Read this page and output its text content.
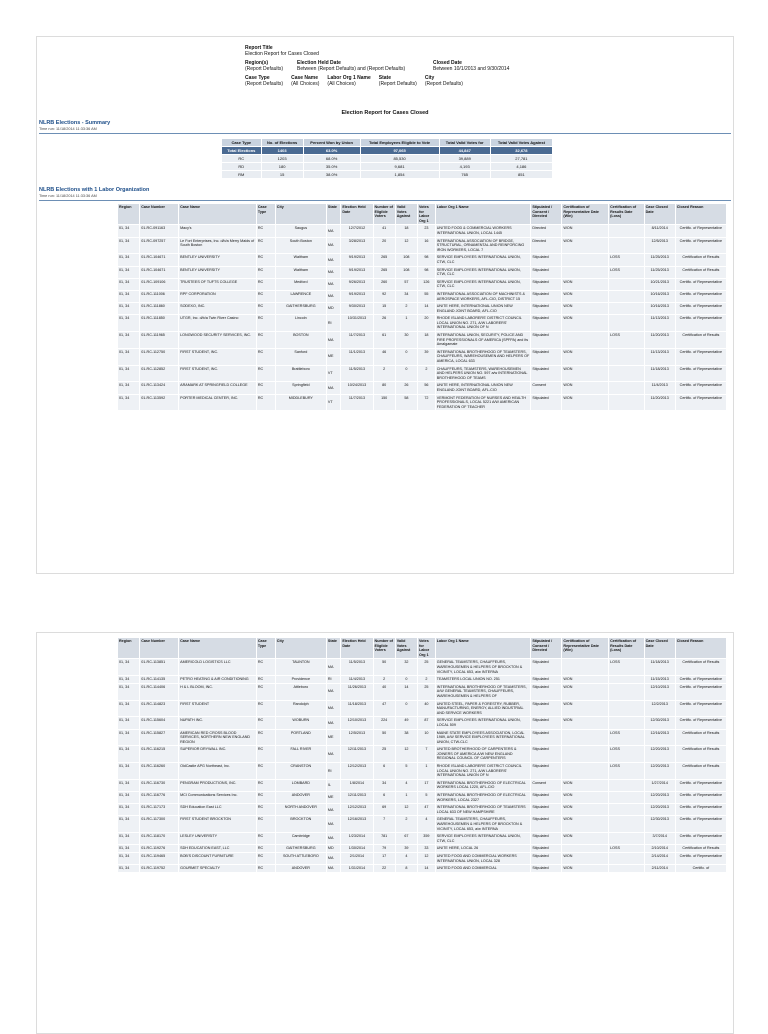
Report Title
Election Report for Cases Closed
Region(s)
(Report Defaults)
Election Held Date
Between (Report Defaults) and (Report Defaults)
Closed Date
Between 10/1/2013 and 9/30/2014
Case Type
(Report Defaults)
Case Name
(All Choices)
Labor Org 1 Name
(All Choices)
State
(Report Defaults)
City
(Report Defaults)
Election Report for Cases Closed
NLRB Elections - Summary
Time run: 11/18/2014 11:33:36 AM
Case Type	No. of Elections	Percent Won by Union	Total Employees Eligible to Vote	Total Valid Votes for	Total Valid Votes Against
Total Elections	1403	63.0%	97,065	44,847	32,678
RC	1203	68.0%	85,530	39,889	27,781
RD	180	35.0%	9,681	4,193	4,186
RM	15	38.0%	1,854	765	851
NLRB Elections with 1 Labor Organization
Time run: 11/18/2014 11:33:36 AM
Region	Case Number	Case Name	Case Type	City	State	Election Held Date	Number of Eligible Voters	Valid Votes Against	Votes for Labor Org 1	Labor Org 1 Name	Stipulated / Consent / Directed	Certification of Representative Date (Win)	Certification of Results Date (Loss)	Case Closed Date	Closed Reason
01, 34	01-RC-091163	Macy's	RC	Saugus	MA	12/7/2012	41	18	23	UNITED FOOD & COMMERCIAL WORKERS INTERNATIONAL UNION, LOCAL 1445	Directed	WON		8/11/2014	Certific. of Representative
01, 34	01-RC-097257	Le Fort Enterprises, Inc. d/b/a Merry Maids of South Boston	RC	South Boston	MA	3/28/2013	20	12	16	INTERNATIONAL ASSOCIATION OF BRIDGE, STRUCTURAL, ORNAMENTAL AND REINFORCING IRON WORKERS, LOCAL 7	Directed	WON		12/5/2013	Certific. of Representative
01, 34	01-RC-104671	BENTLEY UNIVERSITY	RC	Waltham	MA	9/19/2013	265	108	98	SERVICE EMPLOYEES INTERNATIONAL UNION, CTW, CLC	Stipulated		LOSS	11/25/2013	Certification of Results
01, 34	01-RC-104671	BENTLEY UNIVERSITY	RC	Waltham	MA	9/19/2013	265	108	98	SERVICE EMPLOYEES INTERNATIONAL UNION, CTW, CLC	Stipulated		LOSS	11/25/2013	Certification of Results
01, 34	01-RC-109106	TRUSTEES OF TUFTS COLLEGE	RC	Medford	MA	9/26/2013	260	57	126	SERVICE EMPLOYEES INTERNATIONAL UNION, CTW, CLC	Stipulated	WON		10/21/2013	Certific. of Representative
01, 34	01-RC-111006	RPF CORPORATION	RC	LAWRENCE	MA	9/19/2013	92	34	55	INTERNATIONAL ASSOCIATION OF MACHINISTS & AEROSPACE WORKERS, AFL-CIO, DISTRICT 15	Stipulated	WON		10/16/2013	Certific. of Representative
01, 34	01-RC-111860	SODEXO, INC.	RC	GAITHERSBURG	MD	9/30/2013	15	2	14	UNITE HERE, INTERNATIONAL UNION NEW ENGLAND JOINT BOARD, AFL-CIO	Stipulated	WON		10/16/2013	Certific. of Representative
01, 34	01-RC-111850	UTGR, Inc. d/b/a Twin River Casino	RC	Lincoln	RI	10/31/2013	26	1	20	RHODE ISLAND LABORERS' DISTRICT COUNCIL LOCAL UNION NO. 271, A/W LABORERS' INTERNATIONAL UNION OF N	Stipulated	WON		11/13/2013	Certific. of Representative
01, 34	01-RC-111965	LONGWOOD SECURITY SERVICES, INC.	RC	BOSTON	MA	11/7/2013	61	30	18	INTERNATIONAL UNION, SECURITY, POLICE AND FIRE PROFESSIONALS OF AMERICA (SPFPA) and its Amalgamate	Stipulated		LOSS	11/20/2013	Certification of Results
01, 34	01-RC-112750	FIRST STUDENT, INC.	RC	Sanford	ME	11/1/2013	46	0	39	INTERNATIONAL BROTHERHOOD OF TEAMSTERS, CHAUFFEURS, WAREHOUSEMEN AND HELPERS OF AMERICA, LOCAL 633	Stipulated	WON		11/13/2013	Certific. of Representative
01, 34	01-RC-112852	FIRST STUDENT, INC.	RC	Brattleboro	VT	11/5/2013	2	0	2	CHAUFFEURS, TEAMSTERS, WAREHOUSEMEN AND HELPERS UNION NO. 597 a/w INTERNATIONAL BROTHERHOOD OF TEAMS	Stipulated	WON		11/18/2013	Certific. of Representative
01, 34	01-RC-113424	ARAMARK AT SPRINGFIELD COLLEGE	RC	Springfield	MA	10/24/2013	80	26	56	UNITE HERE, INTERNATIONAL UNION NEW ENGLAND JOINT BOARD, AFL-CIO	Consent	WON		11/4/2013	Certific. of Representative
01, 34	01-RC-113592	PORTER MEDICAL CENTER, INC.	RC	MIDDLEBURY	VT	11/7/2013	150	58	72	VERMONT FEDERATION OF NURSES AND HEALTH PROFESSIONALS, LOCAL 5221 A/W AMERICAN FEDERATION OF TEACHER	Stipulated	WON		11/20/2013	Certific. of Representative
Region	Case Number	Case Name	Case Type	City	State	Election Held Date	Number of Eligible Voters	Valid Votes Against	Votes for Labor Org 1	Labor Org 1 Name	Stipulated / Consent / Directed	Certification of Representative Date (Win)	Certification of Results Date (Loss)	Case Closed Date	Closed Reason
01, 34	01-RC-113851	AMERICOLD LOGISTICS LLC	RC	TAUNTON	MA	11/5/2013	50	32	25	GENERAL TEAMSTERS, CHAUFFEURS, WAREHOUSEMEN & HELPERS OF BROCKTON & VICINITY, LOCAL 653, a/w INTERNA	Stipulated		LOSS	11/18/2013	Certification of Results
01, 34	01-RC-114135	PETRO HEATING & AIR CONDITIONING	RC	Providence	RI	11/4/2013	2	0	2	TEAMSTERS LOCAL UNION NO. 251	Stipulated	WON		11/15/2013	Certific. of Representative
01, 34	01-RC-114406	H & L BLOOM, INC.	RC	Attleboro	MA	11/26/2013	40	14	25	INTERNATIONAL BROTHERHOOD OF TEAMSTERS, A/W GENERAL TEAMSTERS, CHAUFFEURS, WAREHOUSEMEN & HELPERS OF	Stipulated	WON		12/10/2013	Certific. of Representative
01, 34	01-RC-114823	FIRST STUDENT	RC	Randolph	MA	11/18/2013	47	0	40	UNITED STEEL, PAPER & FORESTRY, RUBBER, MANUFACTURING, ENERGY, ALLIED INDUSTRIAL AND SERVICE WORKERS	Stipulated	WON		12/2/2013	Certific. of Representative
01, 34	01-RC-115604	NUPATH INC.	RC	WOBURN	MA	12/10/2013	224	49	87	SERVICE EMPLOYEES INTERNATIONAL UNION, LOCAL 509	Stipulated	WON		12/30/2013	Certific. of Representative
01, 34	01-RC-115827	AMERICAN RED CROSS BLOOD SERVICES, NORTHERN NEW ENGLAND REGION	RC	PORTLAND	ME	12/5/2013	50	38	10	MAINE STATE EMPLOYEES ASSOCIATION, LOCAL 1989, A/W SERVICE EMPLOYEES INTERNATIONAL UNION, CTW-CLC	Stipulated		LOSS	12/16/2013	Certification of Results
01, 34	01-RC-116215	SUPERIOR DRYWALL INC.	RC	FALL RIVER	MA	12/11/2013	25	12	7	UNITED BROTHERHOOD OF CARPENTERS & JOINERS OF AMERICA A/W NEW ENGLAND REGIONAL COUNCIL OF CARPENTERS	Stipulated		LOSS	12/20/2013	Certification of Results
01, 34	01-RC-116260	OldCastle APG Northeast, Inc.	RC	CRANSTON	RI	12/12/2013	6	5	1	RHODE ISLAND LABORERS' DISTRICT COUNCIL LOCAL UNION NO. 271, A/W LABORERS' INTERNATIONAL UNION OF N	Stipulated		LOSS	12/20/2013	Certification of Results
01, 34	01-RC-116730	PENGRAM PRODUCTIONS, INC.	RC	LOMBARD	IL	1/8/2014	34	4	17	INTERNATIONAL BROTHERHOOD OF ELECTRICAL WORKERS LOCAL 1220, AFL-CIO	Consent	WON		1/27/2014	Certific. of Representative
01, 34	01-RC-116776	MCI Communications Services Inc.	RC	ANDOVER	ME	12/11/2013	6	1	5	INTERNATIONAL BROTHERHOOD OF ELECTRICAL WORKERS, LOCAL 2327	Stipulated	WON		12/20/2013	Certific. of Representative
01, 34	01-RC-117173	SDH Education East LLC	RC	NORTH ANDOVER	MA	12/12/2013	69	12	47	INTERNATIONAL BROTHERHOOD OF TEAMSTERS LOCAL 633 OF NEW HAMPSHIRE	Stipulated	WON		12/20/2013	Certific. of Representative
01, 34	01-RC-117300	FIRST STUDENT BROCKTON	RC	BROCKTON	MA	12/16/2013	7	2	4	GENERAL TEAMSTERS, CHAUFFEURS, WAREHOUSEMEN & HELPERS OF BROCKTON & VICINITY, LOCAL 653, a/w INTERNA	Stipulated	WON		12/30/2013	Certific. of Representative
01, 34	01-RC-118170	LESLEY UNIVERSITY	RC	Cambridge	MA	1/23/2014	781	67	359	SERVICE EMPLOYEES INTERNATIONAL UNION, CTW, CLC	Stipulated	WON		3/7/2014	Certific. of Representative
01, 34	01-RC-119276	SDH EDUCATION EAST, LLC	RC	GAITHERSBURG	MD	1/30/2014	79	39	33	UNITE HERE, LOCAL 26	Stipulated		LOSS	2/10/2014	Certification of Results
01, 34	01-RC-119465	BOB'S DISCOUNT FURNITURE	RC	SOUTH ATTLEBORO	MA	2/1/2014	17	4	12	UNITED FOOD AND COMMERCIAL WORKERS INTERNATIONAL UNION, LOCAL 328	Stipulated	WON		2/14/2014	Certific. of Representative
01, 34	01-RC-119752	GOURMET SPECIALTY	RC	ANDOVER	MA	1/31/2014	22	8	14	UNITED FOOD AND COMMERCIAL	Stipulated	WON		2/11/2014	Certific. of
